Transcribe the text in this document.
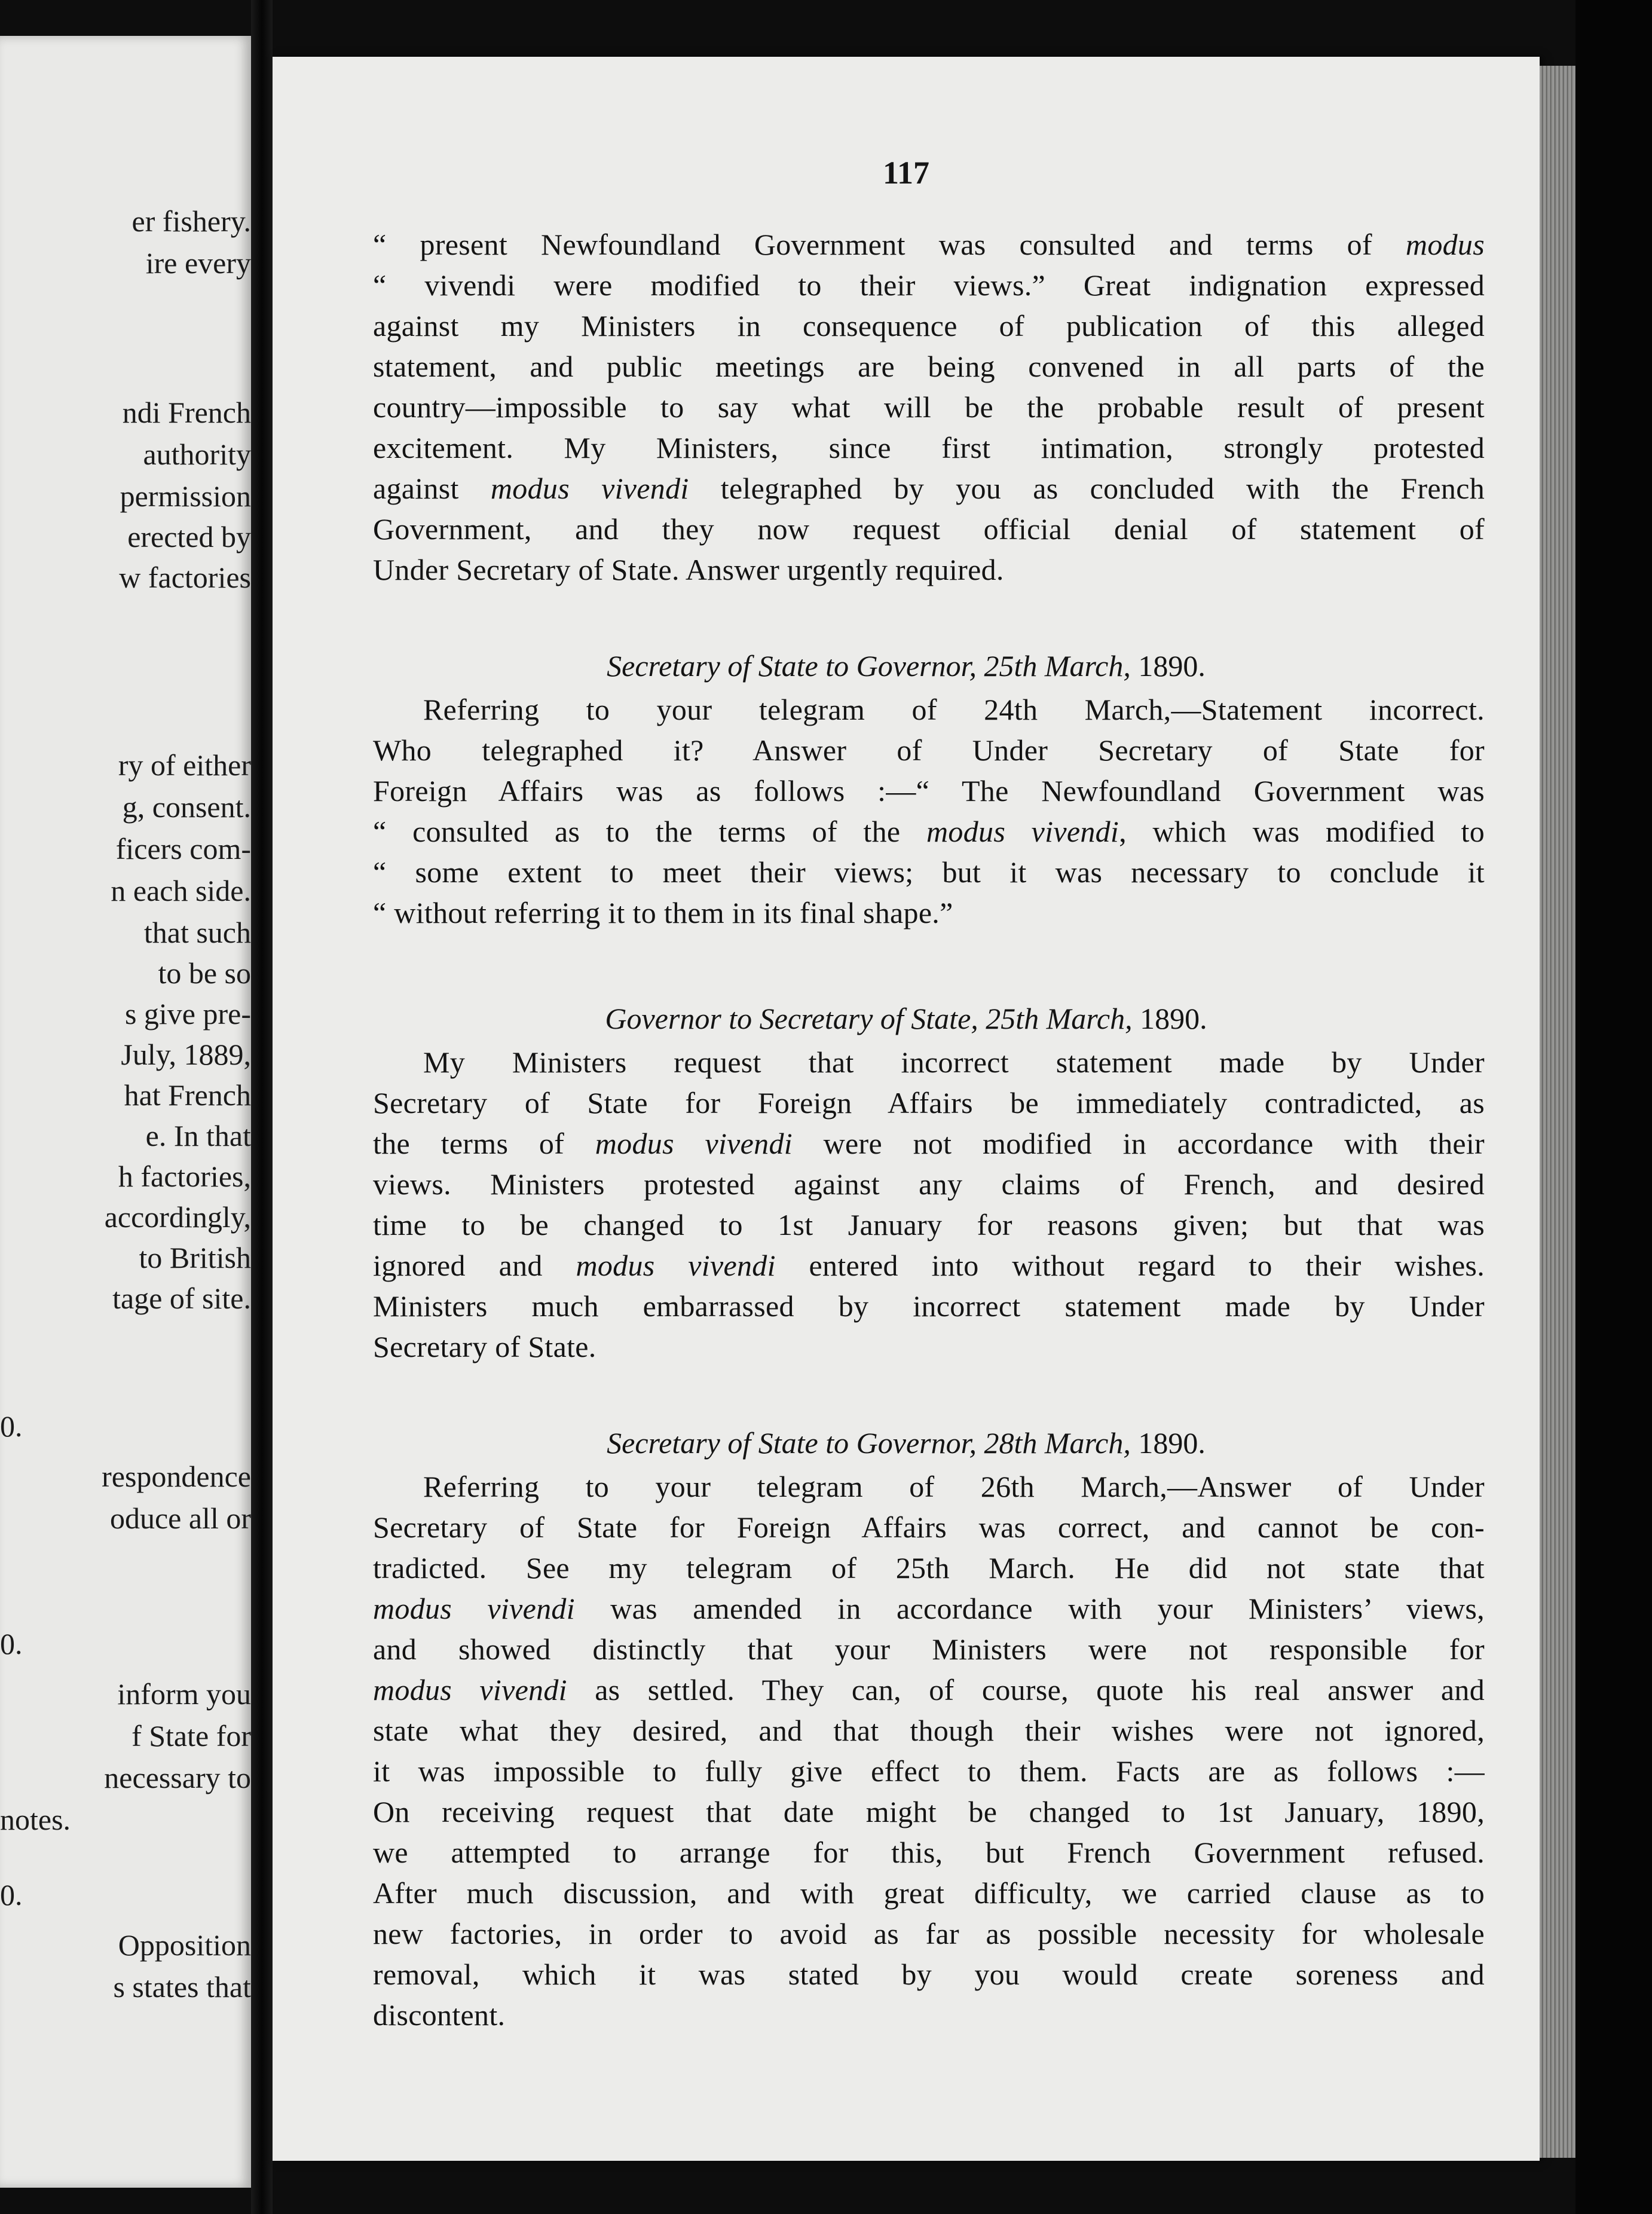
er fishery.
ire every
ndi French
authority
permission
erected by
w factories
ry of either
g, consent.
ficers com-
n each side.
that such
to be so
s give pre-
July, 1889,
hat French
e. In that
h factories,
accordingly,
to British
tage of site.
0.
respondence
oduce all or
0.
inform you
f State for
necessary to
notes.
0.
Opposition
s states that
117
“ present Newfoundland Government was consulted and terms of modus
“ vivendi were modified to their views.” Great indignation expressed
against my Ministers in consequence of publication of this alleged
statement, and public meetings are being convened in all parts of the
country—impossible to say what will be the probable result of present
excitement. My Ministers, since first intimation, strongly protested
against modus vivendi telegraphed by you as concluded with the French
Government, and they now request official denial of statement of
Under Secretary of State. Answer urgently required.
Secretary of State to Governor, 25th March, 1890.
Referring to your telegram of 24th March,—Statement incorrect.
Who telegraphed it? Answer of Under Secretary of State for
Foreign Affairs was as follows :—“ The Newfoundland Government was
“ consulted as to the terms of the modus vivendi, which was modified to
“ some extent to meet their views; but it was necessary to conclude it
“ without referring it to them in its final shape.”
Governor to Secretary of State, 25th March, 1890.
My Ministers request that incorrect statement made by Under
Secretary of State for Foreign Affairs be immediately contradicted, as
the terms of modus vivendi were not modified in accordance with their
views. Ministers protested against any claims of French, and desired
time to be changed to 1st January for reasons given; but that was
ignored and modus vivendi entered into without regard to their wishes.
Ministers much embarrassed by incorrect statement made by Under
Secretary of State.
Secretary of State to Governor, 28th March, 1890.
Referring to your telegram of 26th March,—Answer of Under
Secretary of State for Foreign Affairs was correct, and cannot be con-
tradicted. See my telegram of 25th March. He did not state that
modus vivendi was amended in accordance with your Ministers’ views,
and showed distinctly that your Ministers were not responsible for
modus vivendi as settled. They can, of course, quote his real answer and
state what they desired, and that though their wishes were not ignored,
it was impossible to fully give effect to them. Facts are as follows :—
On receiving request that date might be changed to 1st January, 1890,
we attempted to arrange for this, but French Government refused.
After much discussion, and with great difficulty, we carried clause as to
new factories, in order to avoid as far as possible necessity for wholesale
removal, which it was stated by you would create soreness and
discontent.
